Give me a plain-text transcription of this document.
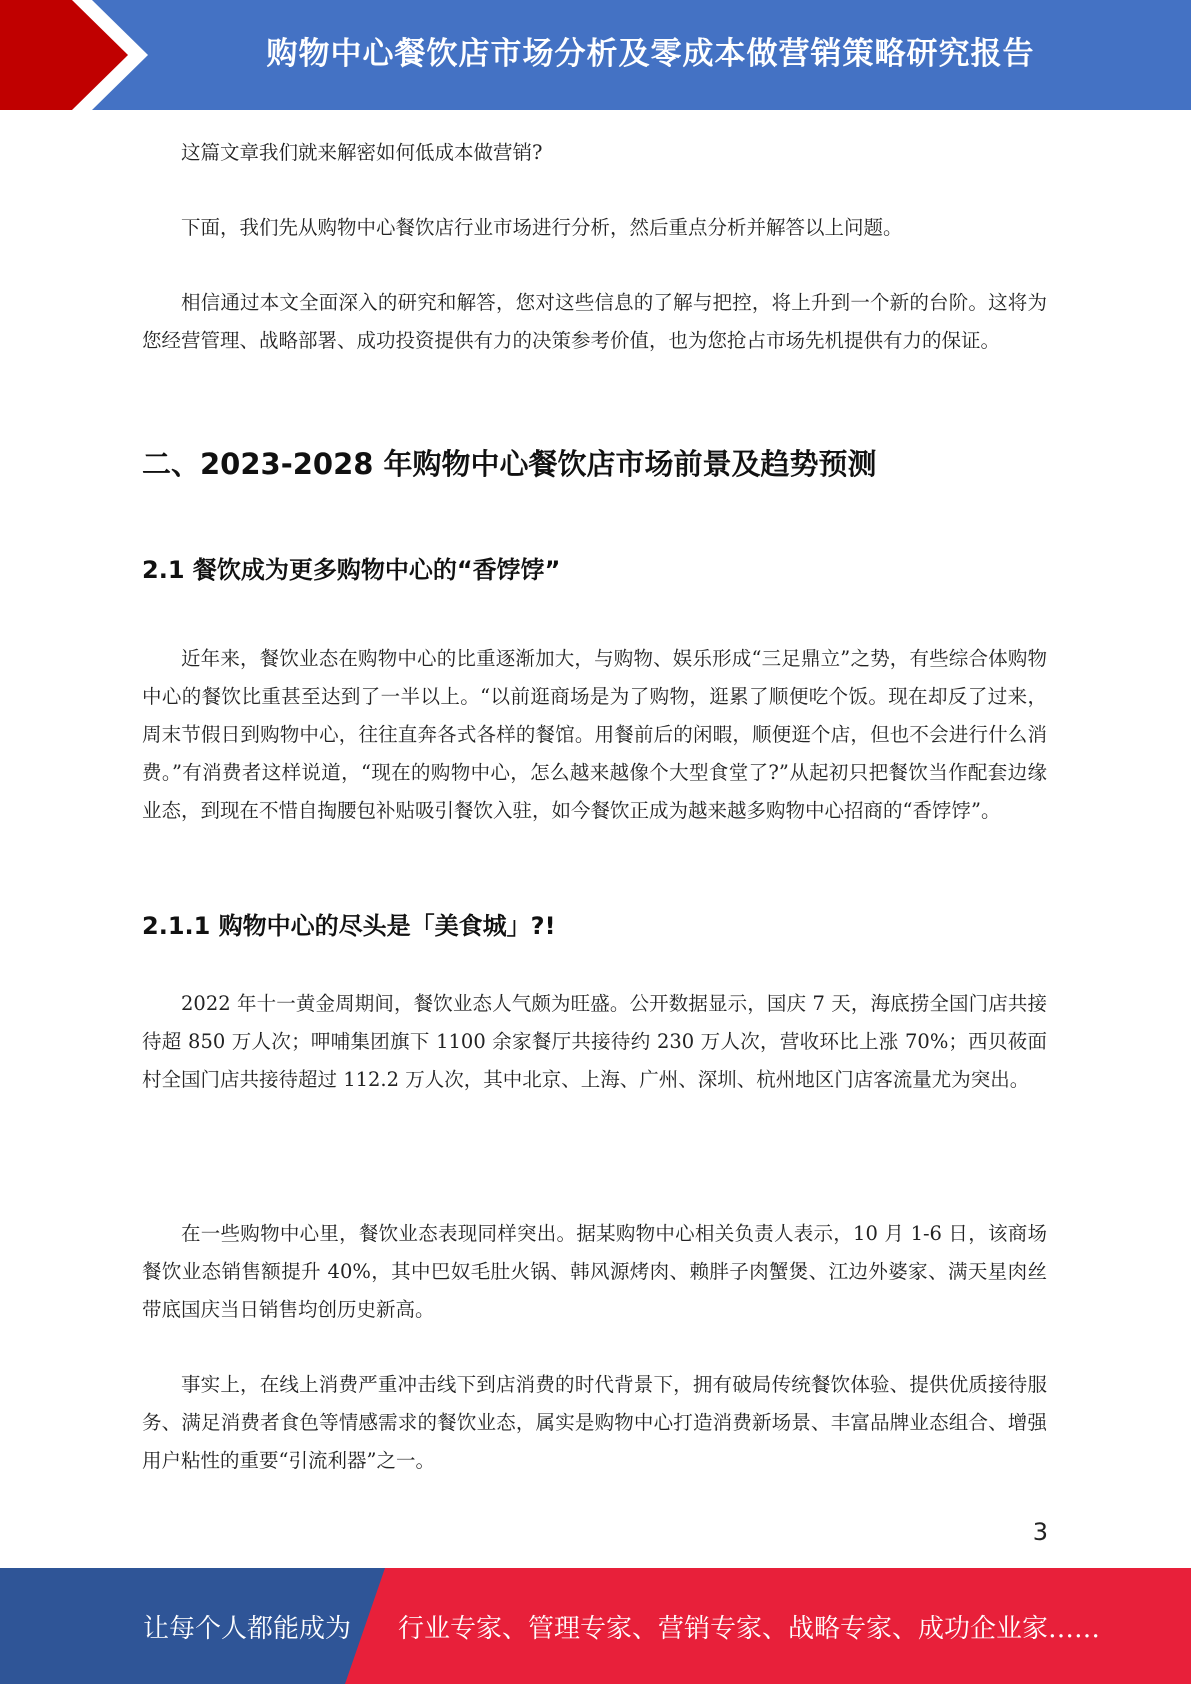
购物中心餐饮店市场分析及零成本做营销策略研究报告

这篇文章我们就来解密如何低成本做营销?

下面，我们先从购物中心餐饮店行业市场进行分析，然后重点分析并解答以上问题。

相信通过本文全面深入的研究和解答，您对这些信息的了解与把控，将上升到一个新的台阶。这将为您经营管理、战略部署、成功投资提供有力的决策参考价值，也为您抢占市场先机提供有力的保证。

二、2023-2028 年购物中心餐饮店市场前景及趋势预测
2.1 餐饮成为更多购物中心的“香饽饽”

近年来，餐饮业态在购物中心的比重逐渐加大，与购物、娱乐形成“三足鼎立”之势，有些综合体购物中心的餐饮比重甚至达到了一半以上。“以前逛商场是为了购物，逛累了顺便吃个饭。现在却反了过来，周末节假日到购物中心，往往直奔各式各样的餐馆。用餐前后的闲暇，顺便逛个店，但也不会进行什么消费。”有消费者这样说道，“现在的购物中心，怎么越来越像个大型食堂了?”从起初只把餐饮当作配套边缘业态，到现在不惜自掏腰包补贴吸引餐饮入驻，如今餐饮正成为越来越多购物中心招商的“香饽饽”。

2.1.1 购物中心的尽头是「美食城」?!

2022 年十一黄金周期间，餐饮业态人气颇为旺盛。公开数据显示，国庆 7 天，海底捞全国门店共接待超 850 万人次；呷哺集团旗下 1100 余家餐厅共接待约 230 万人次，营收环比上涨 70%；西贝莜面村全国门店共接待超过 112.2 万人次，其中北京、上海、广州、深圳、杭州地区门店客流量尤为突出。

在一些购物中心里，餐饮业态表现同样突出。据某购物中心相关负责人表示，10 月 1-6 日，该商场餐饮业态销售额提升 40%，其中巴奴毛肚火锅、韩风源烤肉、赖胖子肉蟹煲、江边外婆家、满天星肉丝带底国庆当日销售均创历史新高。

事实上，在线上消费严重冲击线下到店消费的时代背景下，拥有破局传统餐饮体验、提供优质接待服务、满足消费者食色等情感需求的餐饮业态，属实是购物中心打造消费新场景、丰富品牌业态组合、增强用户粘性的重要“引流利器”之一。

3
让每个人都能成为 行业专家、管理专家、营销专家、战略专家、成功企业家……
